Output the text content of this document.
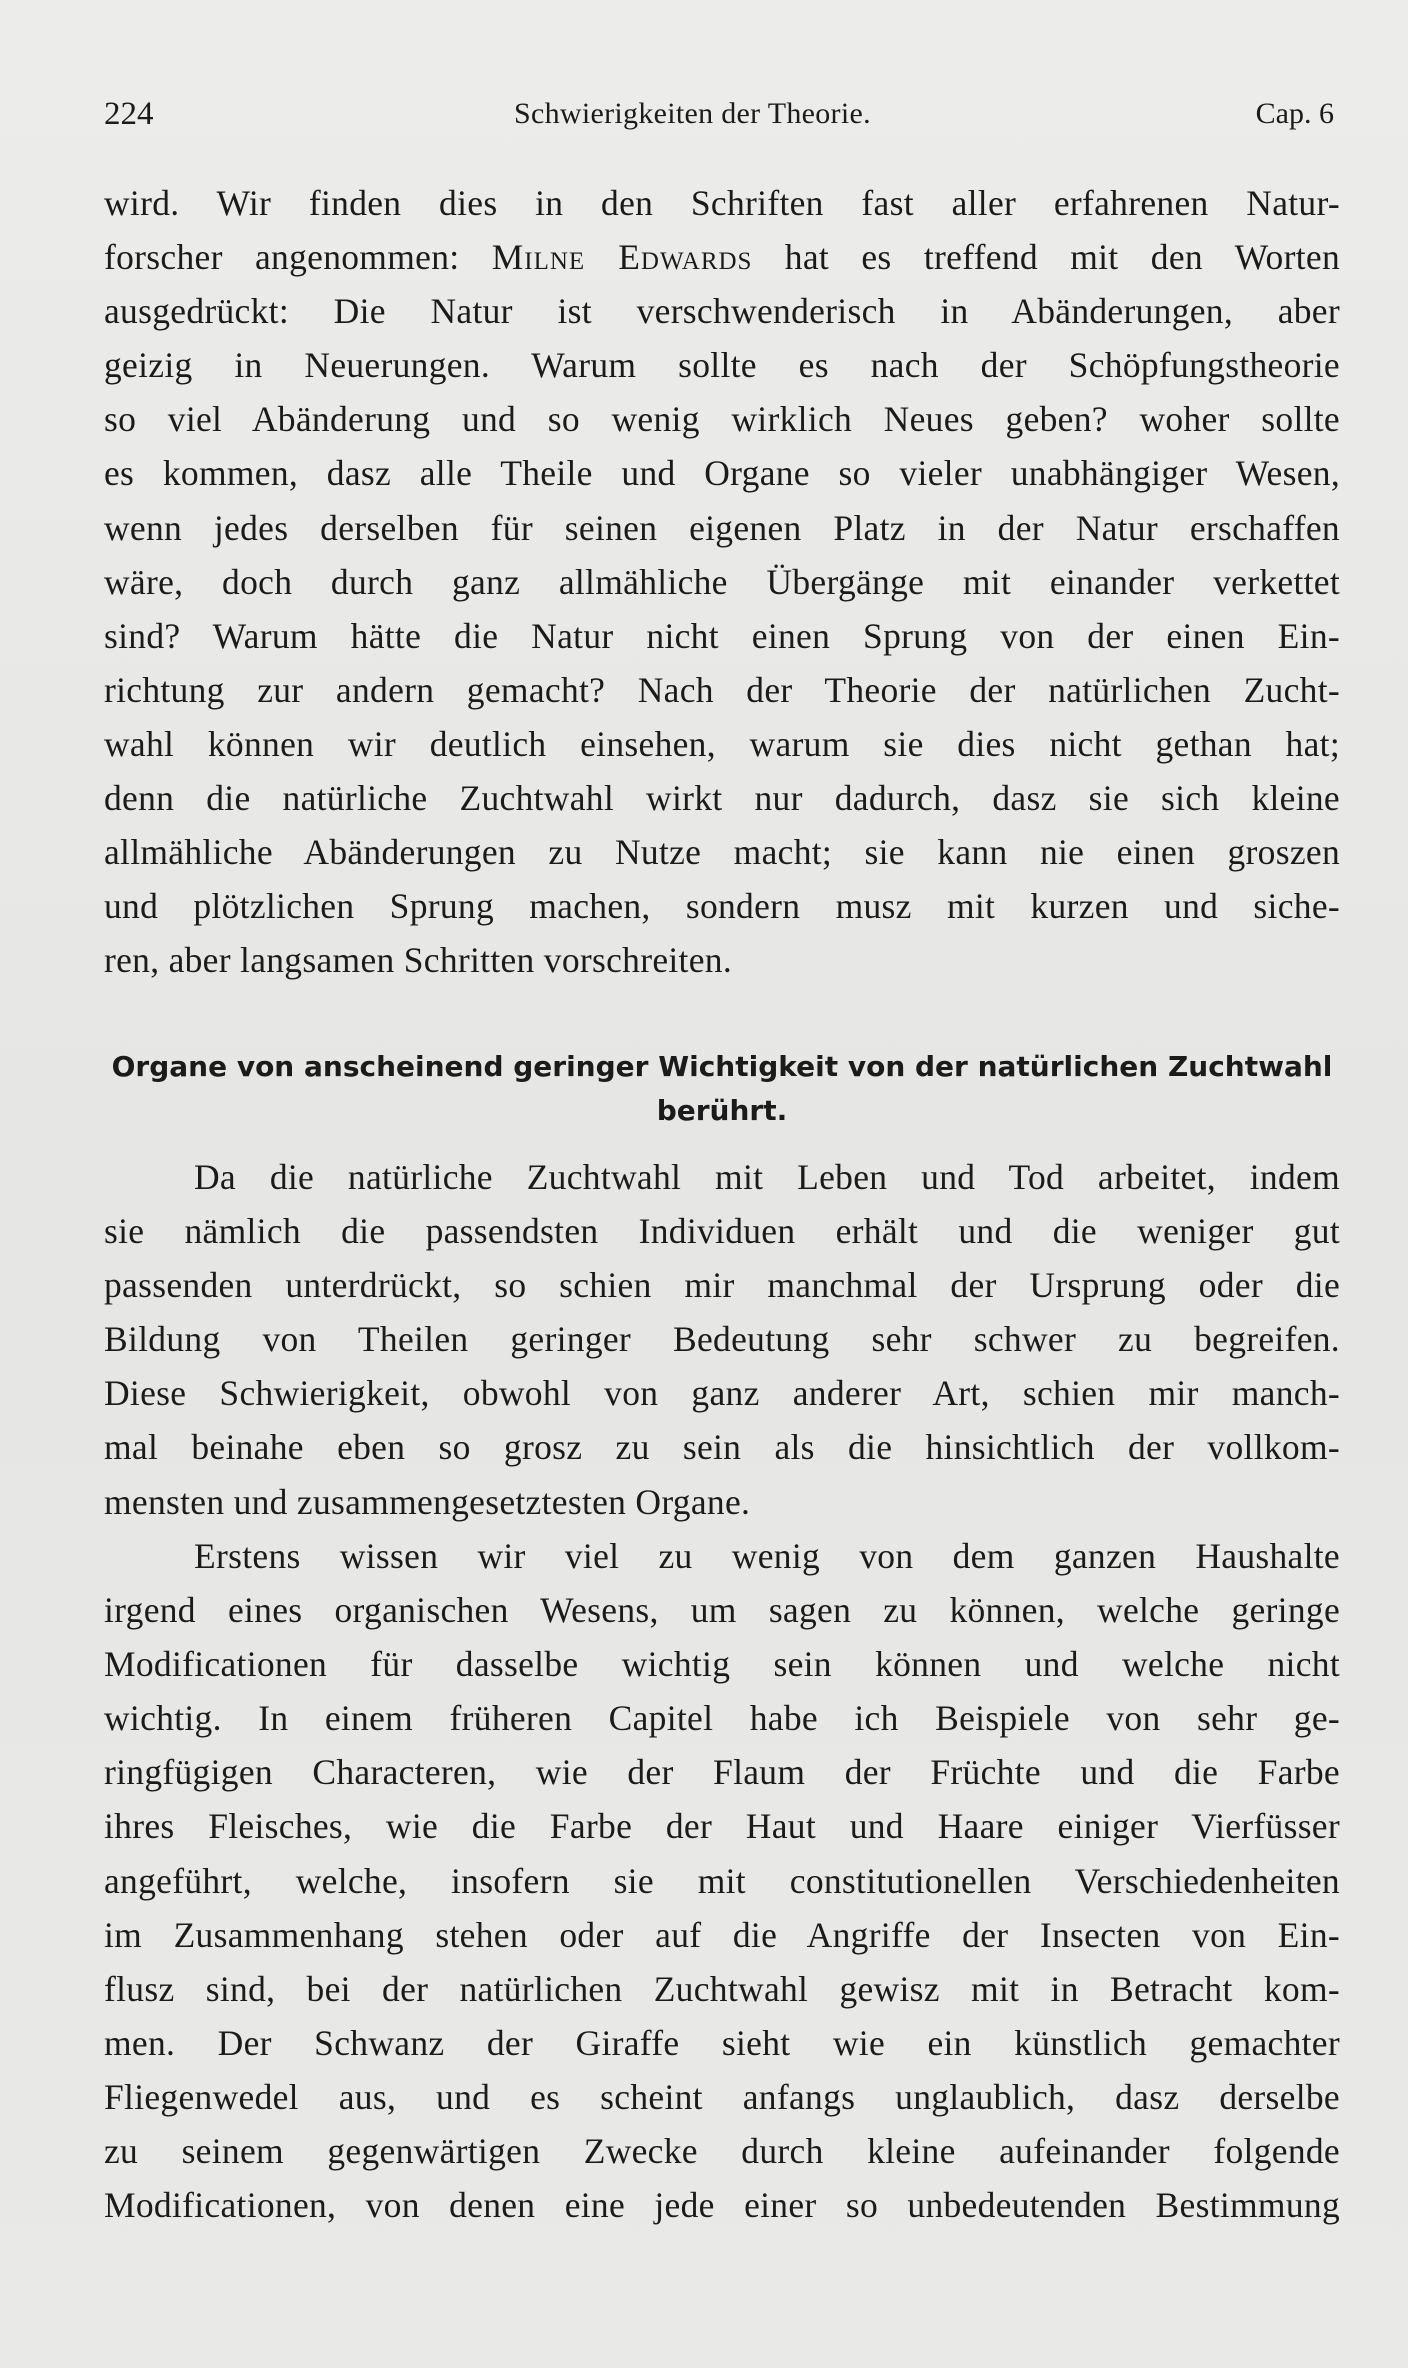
224	Schwierigkeiten der Theorie.	Cap. 6
wird. Wir finden dies in den Schriften fast aller erfahrenen Natur-
forscher angenommen: Milne Edwards hat es treffend mit den Worten
ausgedrückt: Die Natur ist verschwenderisch in Abänderungen, aber
geizig in Neuerungen. Warum sollte es nach der Schöpfungstheorie
so viel Abänderung und so wenig wirklich Neues geben? woher sollte
es kommen, dasz alle Theile und Organe so vieler unabhängiger Wesen,
wenn jedes derselben für seinen eigenen Platz in der Natur erschaffen
wäre, doch durch ganz allmähliche Übergänge mit einander verkettet
sind? Warum hätte die Natur nicht einen Sprung von der einen Ein-
richtung zur andern gemacht? Nach der Theorie der natürlichen Zucht-
wahl können wir deutlich einsehen, warum sie dies nicht gethan hat;
denn die natürliche Zuchtwahl wirkt nur dadurch, dasz sie sich kleine
allmähliche Abänderungen zu Nutze macht; sie kann nie einen groszen
und plötzlichen Sprung machen, sondern musz mit kurzen und siche-
ren, aber langsamen Schritten vorschreiten.
Organe von anscheinend geringer Wichtigkeit von der natürlichen Zuchtwahl
berührt.
Da die natürliche Zuchtwahl mit Leben und Tod arbeitet, indem
sie nämlich die passendsten Individuen erhält und die weniger gut
passenden unterdrückt, so schien mir manchmal der Ursprung oder die
Bildung von Theilen geringer Bedeutung sehr schwer zu begreifen.
Diese Schwierigkeit, obwohl von ganz anderer Art, schien mir manch-
mal beinahe eben so grosz zu sein als die hinsichtlich der vollkom-
mensten und zusammengesetztesten Organe.
Erstens wissen wir viel zu wenig von dem ganzen Haushalte
irgend eines organischen Wesens, um sagen zu können, welche geringe
Modificationen für dasselbe wichtig sein können und welche nicht
wichtig. In einem früheren Capitel habe ich Beispiele von sehr ge-
ringfügigen Characteren, wie der Flaum der Früchte und die Farbe
ihres Fleisches, wie die Farbe der Haut und Haare einiger Vierfüsser
angeführt, welche, insofern sie mit constitutionellen Verschiedenheiten
im Zusammenhang stehen oder auf die Angriffe der Insecten von Ein-
flusz sind, bei der natürlichen Zuchtwahl gewisz mit in Betracht kom-
men. Der Schwanz der Giraffe sieht wie ein künstlich gemachter
Fliegenwedel aus, und es scheint anfangs unglaublich, dasz derselbe
zu seinem gegenwärtigen Zwecke durch kleine aufeinander folgende
Modificationen, von denen eine jede einer so unbedeutenden Bestimmung
